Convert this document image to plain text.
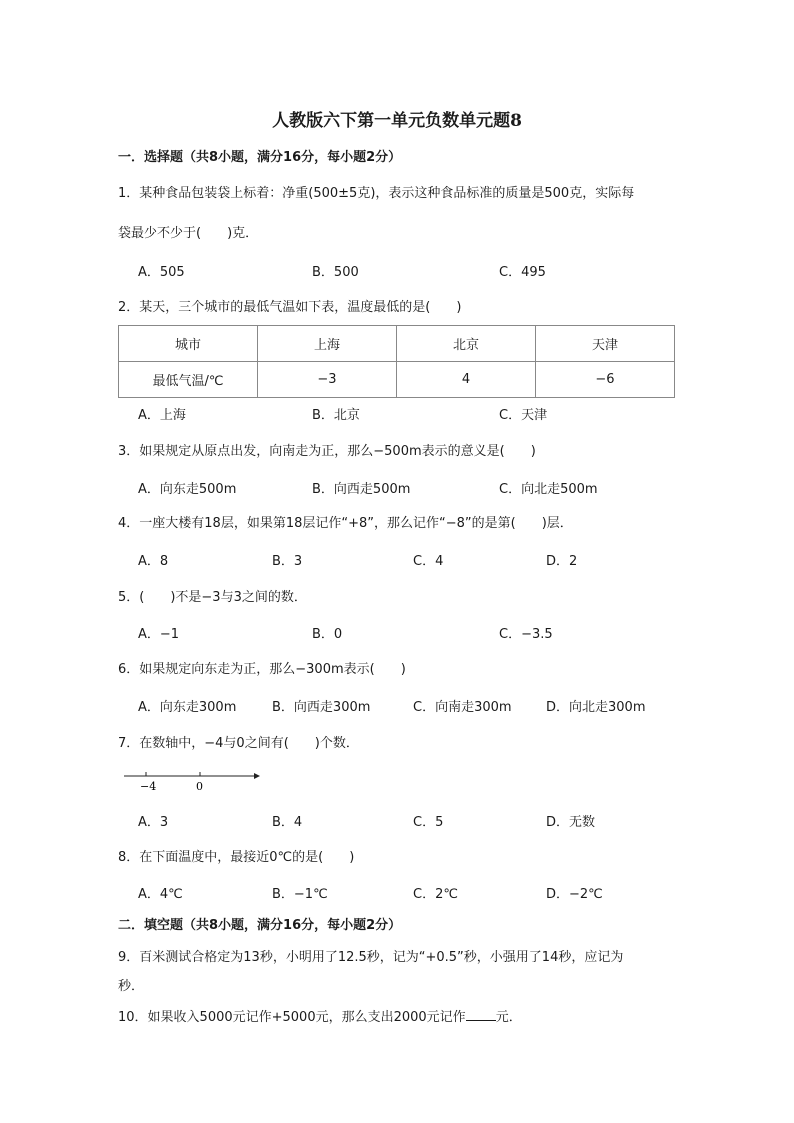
人教版六下第一单元负数单元题8
一．选择题（共8小题，满分16分，每小题2分）
1．某种食品包装袋上标着：净重(500±5克)，表示这种食品标准的质量是500克，实际每
袋最少不少于(　　)克．
A．505	B．500	C．495
2．某天，三个城市的最低气温如下表，温度最低的是(　　)
城市	上海	北京	天津
最低气温/℃	−3	4	−6
A．上海	B．北京	C．天津
3．如果规定从原点出发，向南走为正，那么−500m表示的意义是(　　)
A．向东走500m	B．向西走500m	C．向北走500m
4．一座大楼有18层，如果第18层记作“+8”，那么记作“−8”的是第(　　)层．
A．8	B．3	C．4	D．2
5．(　　)不是−3与3之间的数．
A．−1	B．0	C．−3.5
6．如果规定向东走为正，那么−300m表示(　　)
A．向东走300m	B．向西走300m	C．向南走300m	D．向北走300m
7．在数轴中，−4与0之间有(　　)个数．
−4	0
A．3	B．4	C．5	D．无数
8．在下面温度中，最接近0℃的是(　　)
A．4℃	B．−1℃	C．2℃	D．−2℃
二．填空题（共8小题，满分16分，每小题2分）
9．百米测试合格定为13秒，小明用了12.5秒，记为“+0.5”秒，小强用了14秒，应记为
秒．
10．如果收入5000元记作+5000元，那么支出2000元记作 元．
